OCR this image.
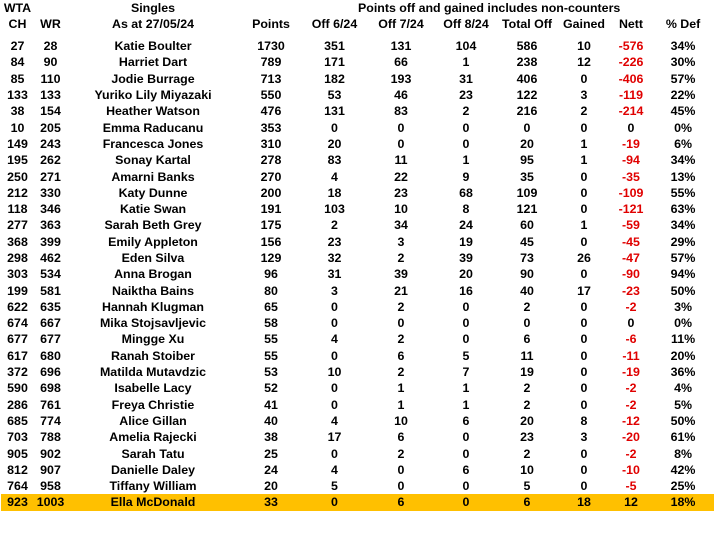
WTA		Singles		Points off and gained includes non-counters						
CH	WR	As at 27/05/24	Points	Off 6/24	Off 7/24	Off 8/24	Total Off	Gained	Nett	% Def
27	28	Katie Boulter	1730	351	131	104	586	10	-576	34%
84	90	Harriet Dart	789	171	66	1	238	12	-226	30%
85	110	Jodie Burrage	713	182	193	31	406	0	-406	57%
133	133	Yuriko Lily Miyazaki	550	53	46	23	122	3	-119	22%
38	154	Heather Watson	476	131	83	2	216	2	-214	45%
10	205	Emma Raducanu	353	0	0	0	0	0	0	0%
149	243	Francesca Jones	310	20	0	0	20	1	-19	6%
195	262	Sonay Kartal	278	83	11	1	95	1	-94	34%
250	271	Amarni Banks	270	4	22	9	35	0	-35	13%
212	330	Katy Dunne	200	18	23	68	109	0	-109	55%
118	346	Katie Swan	191	103	10	8	121	0	-121	63%
277	363	Sarah Beth Grey	175	2	34	24	60	1	-59	34%
368	399	Emily Appleton	156	23	3	19	45	0	-45	29%
298	462	Eden Silva	129	32	2	39	73	26	-47	57%
303	534	Anna Brogan	96	31	39	20	90	0	-90	94%
199	581	Naiktha Bains	80	3	21	16	40	17	-23	50%
622	635	Hannah Klugman	65	0	2	0	2	0	-2	3%
674	667	Mika Stojsavljevic	58	0	0	0	0	0	0	0%
677	677	Mingge Xu	55	4	2	0	6	0	-6	11%
617	680	Ranah Stoiber	55	0	6	5	11	0	-11	20%
372	696	Matilda Mutavdzic	53	10	2	7	19	0	-19	36%
590	698	Isabelle Lacy	52	0	1	1	2	0	-2	4%
286	761	Freya Christie	41	0	1	1	2	0	-2	5%
685	774	Alice Gillan	40	4	10	6	20	8	-12	50%
703	788	Amelia Rajecki	38	17	6	0	23	3	-20	61%
905	902	Sarah Tatu	25	0	2	0	2	0	-2	8%
812	907	Danielle Daley	24	4	0	6	10	0	-10	42%
764	958	Tiffany William	20	5	0	0	5	0	-5	25%
923	1003	Ella McDonald	33	0	6	0	6	18	12	18%
